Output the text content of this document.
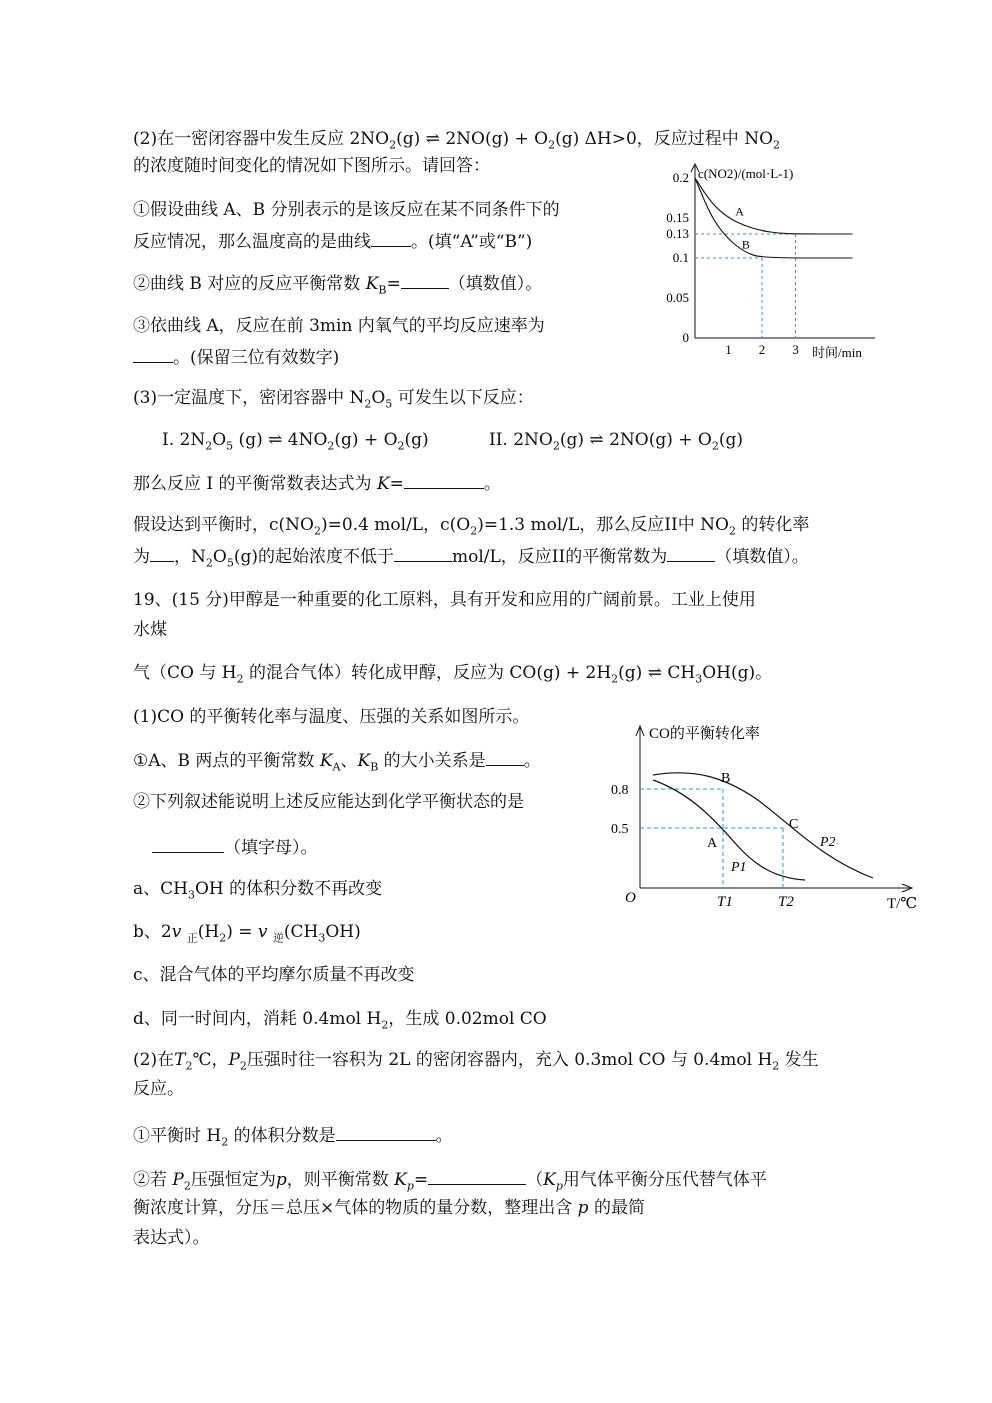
(2)在一密闭容器中发生反应 $2NO_2(g)$ ⇌ $2NO(g) + O_2(g)$ ΔH>0，反应过程中 $NO_2$
的浓度随时间变化的情况如下图所示。请回答：
①假设曲线 A、B 分别表示的是该反应在某不同条件下的
反应情况，那么温度高的是曲线 。(填“A”或“B”)
②曲线 B 对应的反应平衡常数 $K_B=$	（填数值）。
③依曲线 A，反应在前 3min 内氧气的平均反应速率为
。(保留三位有效数字)
A
B
0
0.05
0.1
0.13
0.15
0.2
1 2 3
c(NO2)/(mol·L-1)
时间/min
(3)一定温度下，密闭容器中 $N_2O_5$ 可发生以下反应：
I. $2N_2O_5$ (g) ⇌ $4NO_2(g) + O_2(g)$	II. $2NO_2(g)$ ⇌ $2NO(g) + O_2(g)$
那么反应 I 的平衡常数表达式为 K=	。
假设达到平衡时，$c(NO_2)=0.4$ mol/L，$c(O_2)=1.3$ mol/L，那么反应II中 $NO_2$ 的转化率
为 ，$N_2O_5(g)$的起始浓度不低于	mol/L，反应II的平衡常数为	（填数值）。
19、(15 分)甲醇是一种重要的化工原料，具有开发和应用的广阔前景。工业上使用
水煤
气（CO 与 $H_2$ 的混合气体）转化成甲醇，反应为 $CO(g) + 2H_2(g)$ ⇌ $CH_3OH(g)$。
(1)CO 的平衡转化率与温度、压强的关系如图所示。
①A、B 两点的平衡常数 $K_A$、$K_B$ 的大小关系是 。
②下列叙述能说明上述反应能达到化学平衡状态的是
（填字母）。
a、$CH_3OH$ 的体积分数不再改变
b、2v $_正(H_2) = v$ $_逆(CH_3OH)$
c、混合气体的平均摩尔质量不再改变
d、同一时间内，消耗 0.4mol $H_2$，生成 0.02mol CO
(2)在$T_2℃$，$P_2$压强时往一容积为 2L 的密闭容器内，充入 0.3mol CO 与 0.4mol $H_2$ 发生
反应。
①平衡时 $H_2$ 的体积分数是	。
②若 $P_2$压强恒定为p，则平衡常数 $K_p=$	（$K_p$用气体平衡分压代替气体平
衡浓度计算，分压＝总压×气体的物质的量分数，整理出含 p 的最简
表达式）。
CO的平衡转化率
0.8
0.5
O	T1	T2
A
B
C
P1
P2
T/℃
